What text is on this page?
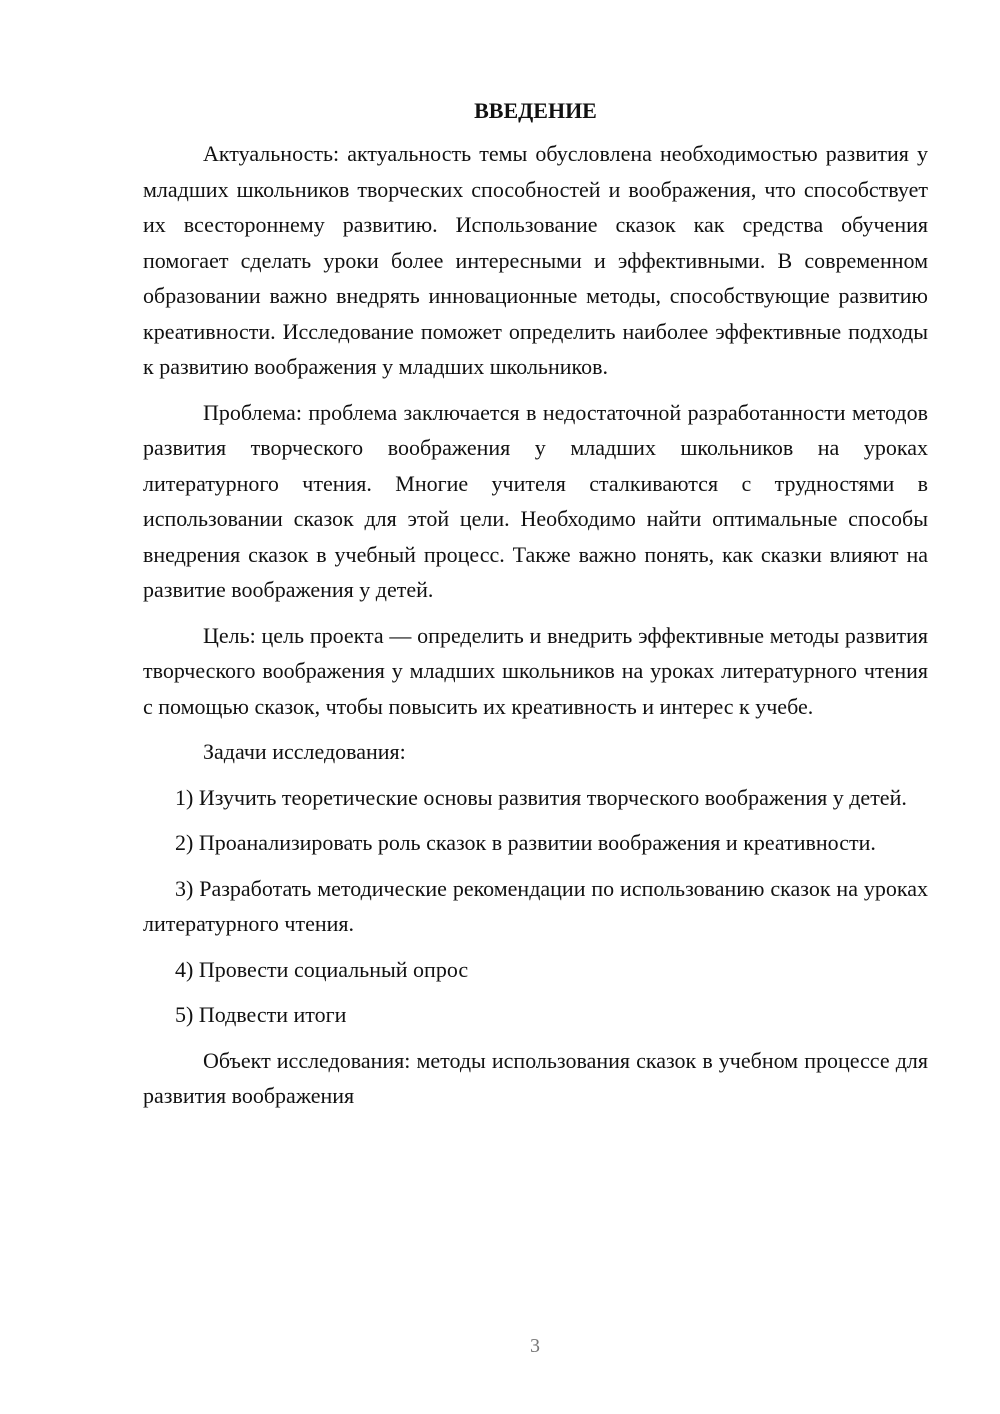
ВВЕДЕНИЕ

Актуальность: актуальность темы обусловлена необходимостью развития у младших школьников творческих способностей и воображения, что способствует их всестороннему развитию. Использование сказок как средства обучения помогает сделать уроки более интересными и эффективными. В современном образовании важно внедрять инновационные методы, способствующие развитию креативности. Исследование поможет определить наиболее эффективные подходы к развитию воображения у младших школьников.

Проблема: проблема заключается в недостаточной разработанности методов развития творческого воображения у младших школьников на уроках литературного чтения. Многие учителя сталкиваются с трудностями в использовании сказок для этой цели. Необходимо найти оптимальные способы внедрения сказок в учебный процесс. Также важно понять, как сказки влияют на развитие воображения у детей.

Цель: цель проекта — определить и внедрить эффективные методы развития творческого воображения у младших школьников на уроках литературного чтения с помощью сказок, чтобы повысить их креативность и интерес к учебе.

Задачи исследования:

1) Изучить теоретические основы развития творческого воображения у детей.

2) Проанализировать роль сказок в развитии воображения и креативности.

3) Разработать методические рекомендации по использованию сказок на уроках литературного чтения.

4) Провести социальный опрос

5) Подвести итоги

Объект исследования: методы использования сказок в учебном процессе для развития воображения

3
